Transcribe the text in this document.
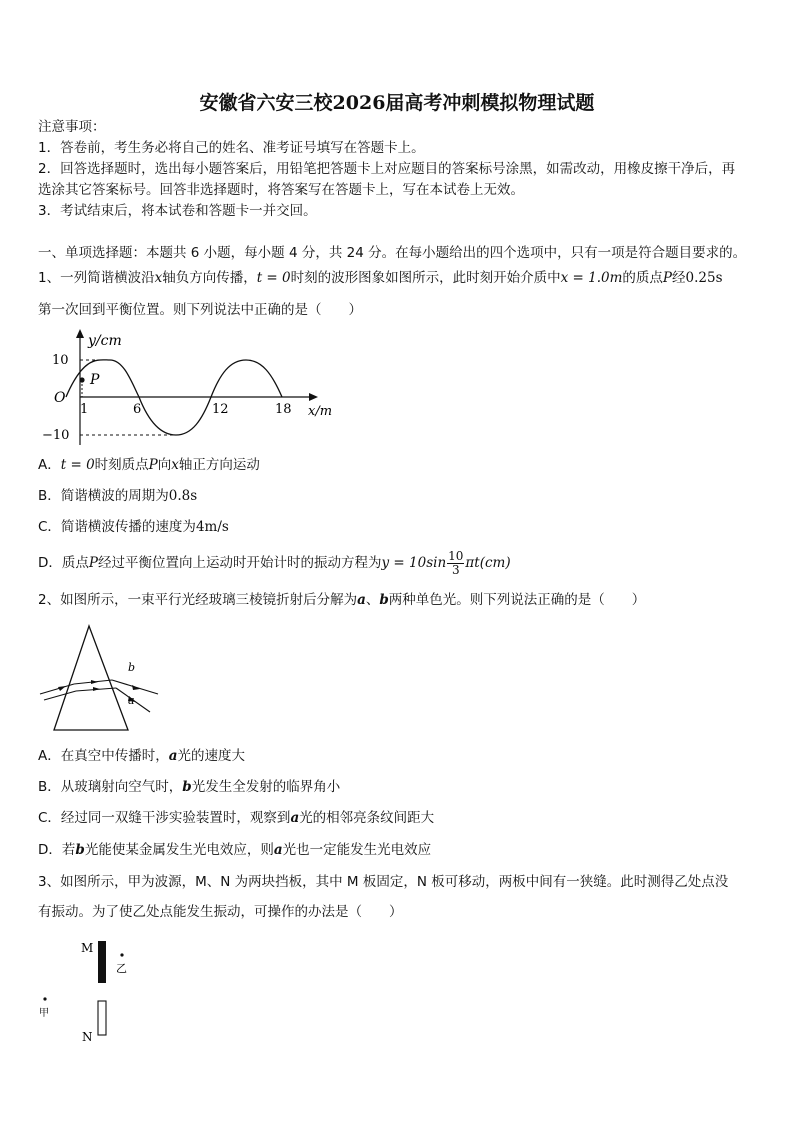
安徽省六安三校2026届高考冲刺模拟物理试题
注意事项：
1．答卷前，考生务必将自己的姓名、准考证号填写在答题卡上。
2．回答选择题时，选出每小题答案后，用铅笔把答题卡上对应题目的答案标号涂黑，如需改动，用橡皮擦干净后，再
选涂其它答案标号。回答非选择题时，将答案写在答题卡上，写在本试卷上无效。
3．考试结束后，将本试卷和答题卡一并交回。
一、单项选择题：本题共 6 小题，每小题 4 分，共 24 分。在每小题给出的四个选项中，只有一项是符合题目要求的。
1、一列简谐横波沿x轴负方向传播，t = 0时刻的波形图象如图所示，此时刻开始介质中x = 1.0m的质点P经0.25s
第一次回到平衡位置。则下列说法中正确的是（　　）
y/cm
x/m
O
P
10
−10
1	6	12	18
A．t = 0时刻质点P向x轴正方向运动
B．简谐横波的周期为0.8s
C．简谐横波传播的速度为4m/s
D．质点P经过平衡位置向上运动时开始计时的振动方程为$y = 10\sin \frac{10}{3} \pi t(cm)$
2、如图所示，一束平行光经玻璃三棱镜折射后分解为a、b两种单色光。则下列说法正确的是（　　）
b
a
A．在真空中传播时，a光的速度大
B．从玻璃射向空气时，b光发生全发射的临界角小
C．经过同一双缝干涉实验装置时，观察到a光的相邻亮条纹间距大
D．若b光能使某金属发生光电效应，则a光也一定能发生光电效应
3、如图所示，甲为波源，M、N 为两块挡板，其中 M 板固定，N 板可移动，两板中间有一狭缝。此时测得乙处点没
有振动。为了使乙处点能发生振动，可操作的办法是（　　）
M
乙
甲
N
